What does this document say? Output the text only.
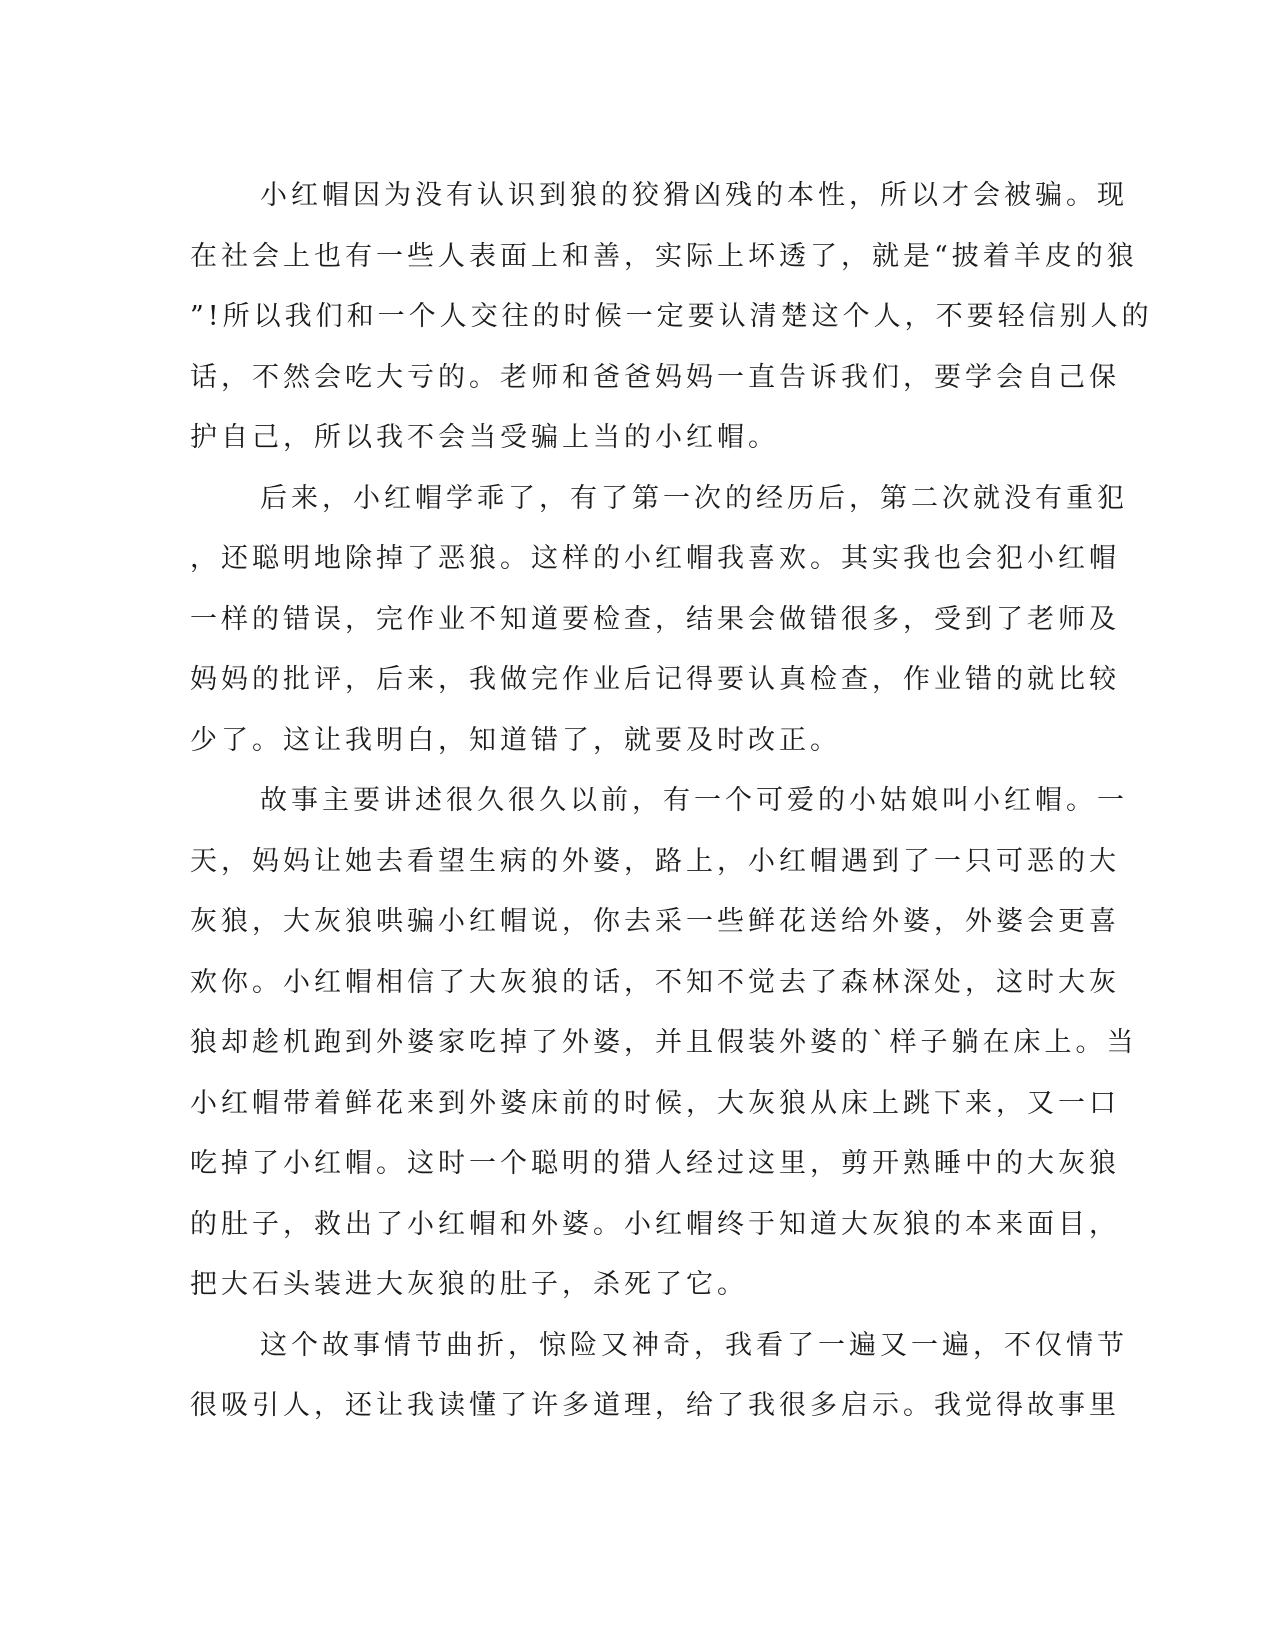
小红帽因为没有认识到狼的狡猾凶残的本性，所以才会被骗。现
在社会上也有一些人表面上和善，实际上坏透了，就是“披着羊皮的狼
”!所以我们和一个人交往的时候一定要认清楚这个人，不要轻信别人的
话，不然会吃大亏的。老师和爸爸妈妈一直告诉我们，要学会自己保
护自己，所以我不会当受骗上当的小红帽。
后来，小红帽学乖了，有了第一次的经历后，第二次就没有重犯
，还聪明地除掉了恶狼。这样的小红帽我喜欢。其实我也会犯小红帽
一样的错误，完作业不知道要检查，结果会做错很多，受到了老师及
妈妈的批评，后来，我做完作业后记得要认真检查，作业错的就比较
少了。这让我明白，知道错了，就要及时改正。
故事主要讲述很久很久以前，有一个可爱的小姑娘叫小红帽。一
天，妈妈让她去看望生病的外婆，路上，小红帽遇到了一只可恶的大
灰狼，大灰狼哄骗小红帽说，你去采一些鲜花送给外婆，外婆会更喜
欢你。小红帽相信了大灰狼的话，不知不觉去了森林深处，这时大灰
狼却趁机跑到外婆家吃掉了外婆，并且假装外婆的`样子躺在床上。当
小红帽带着鲜花来到外婆床前的时候，大灰狼从床上跳下来，又一口
吃掉了小红帽。这时一个聪明的猎人经过这里，剪开熟睡中的大灰狼
的肚子，救出了小红帽和外婆。小红帽终于知道大灰狼的本来面目，
把大石头装进大灰狼的肚子，杀死了它。
这个故事情节曲折，惊险又神奇，我看了一遍又一遍，不仅情节
很吸引人，还让我读懂了许多道理，给了我很多启示。我觉得故事里
